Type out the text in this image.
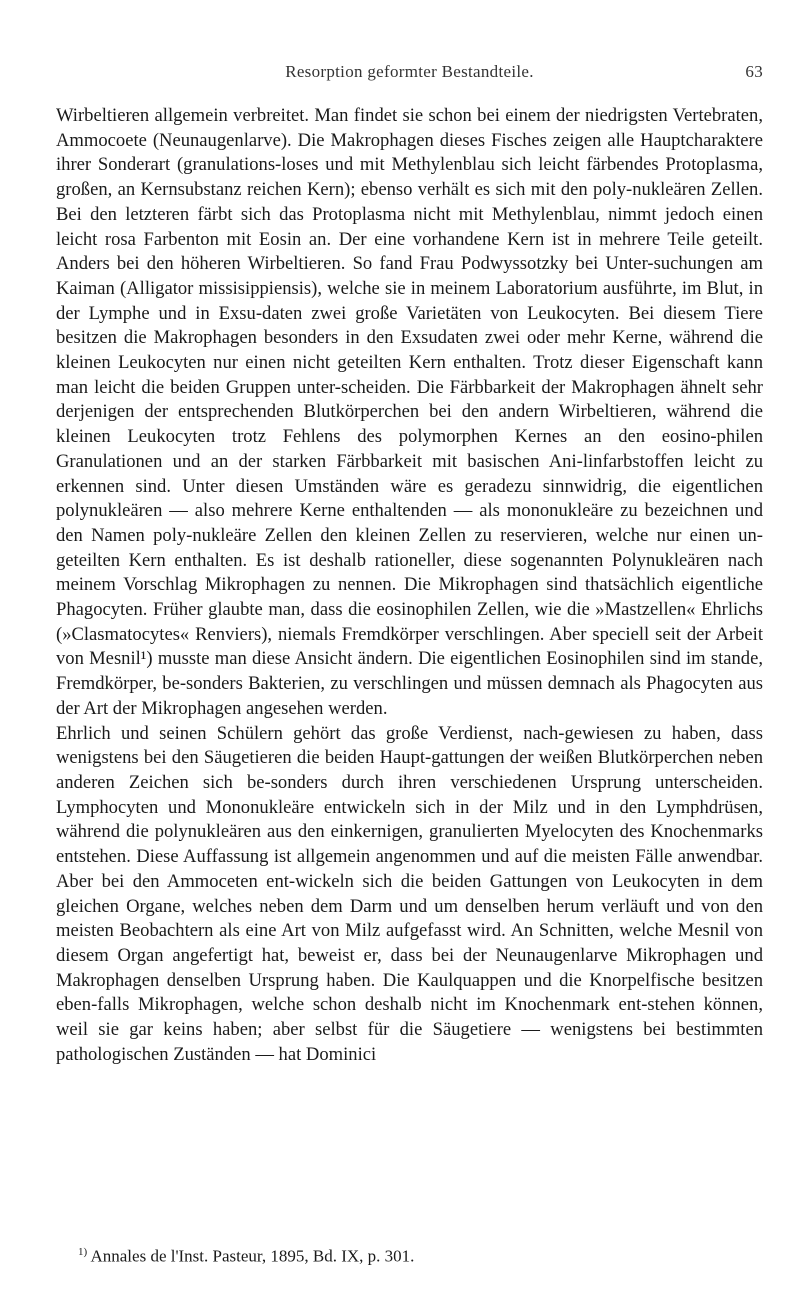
Resorption geformter Bestandteile.	63

Wirbeltieren allgemein verbreitet. Man findet sie schon bei einem der niedrigsten Vertebraten, Ammocoete (Neunaugenlarve). Die Makrophagen dieses Fisches zeigen alle Hauptcharaktere ihrer Sonderart (granulations-loses und mit Methylenblau sich leicht färbendes Protoplasma, großen, an Kernsubstanz reichen Kern); ebenso verhält es sich mit den poly-nukleären Zellen. Bei den letzteren färbt sich das Protoplasma nicht mit Methylenblau, nimmt jedoch einen leicht rosa Farbenton mit Eosin an. Der eine vorhandene Kern ist in mehrere Teile geteilt. Anders bei den höheren Wirbeltieren. So fand Frau Podwyssotzky bei Unter-suchungen am Kaiman (Alligator missisippiensis), welche sie in meinem Laboratorium ausführte, im Blut, in der Lymphe und in Exsu-daten zwei große Varietäten von Leukocyten. Bei diesem Tiere besitzen die Makrophagen besonders in den Exsudaten zwei oder mehr Kerne, während die kleinen Leukocyten nur einen nicht geteilten Kern enthalten. Trotz dieser Eigenschaft kann man leicht die beiden Gruppen unter-scheiden. Die Färbbarkeit der Makrophagen ähnelt sehr derjenigen der entsprechenden Blutkörperchen bei den andern Wirbeltieren, während die kleinen Leukocyten trotz Fehlens des polymorphen Kernes an den eosino-philen Granulationen und an der starken Färbbarkeit mit basischen Ani-linfarbstoffen leicht zu erkennen sind. Unter diesen Umständen wäre es geradezu sinnwidrig, die eigentlichen polynukleären — also mehrere Kerne enthaltenden — als mononukleäre zu bezeichnen und den Namen poly-nukleäre Zellen den kleinen Zellen zu reservieren, welche nur einen un-geteilten Kern enthalten. Es ist deshalb rationeller, diese sogenannten Polynukleären nach meinem Vorschlag Mikrophagen zu nennen. Die Mikrophagen sind thatsächlich eigentliche Phagocyten. Früher glaubte man, dass die eosinophilen Zellen, wie die »Mastzellen« Ehrlichs (»Clasmatocytes« Renviers), niemals Fremdkörper verschlingen. Aber speciell seit der Arbeit von Mesnil¹) musste man diese Ansicht ändern. Die eigentlichen Eosinophilen sind im stande, Fremdkörper, be-sonders Bakterien, zu verschlingen und müssen demnach als Phagocyten aus der Art der Mikrophagen angesehen werden.

Ehrlich und seinen Schülern gehört das große Verdienst, nach-gewiesen zu haben, dass wenigstens bei den Säugetieren die beiden Haupt-gattungen der weißen Blutkörperchen neben anderen Zeichen sich be-sonders durch ihren verschiedenen Ursprung unterscheiden. Lymphocyten und Mononukleäre entwickeln sich in der Milz und in den Lymphdrüsen, während die polynukleären aus den einkernigen, granulierten Myelocyten des Knochenmarks entstehen. Diese Auffassung ist allgemein angenommen und auf die meisten Fälle anwendbar. Aber bei den Ammoceten ent-wickeln sich die beiden Gattungen von Leukocyten in dem gleichen Organe, welches neben dem Darm und um denselben herum verläuft und von den meisten Beobachtern als eine Art von Milz aufgefasst wird. An Schnitten, welche Mesnil von diesem Organ angefertigt hat, beweist er, dass bei der Neunaugenlarve Mikrophagen und Makrophagen denselben Ursprung haben. Die Kaulquappen und die Knorpelfische besitzen eben-falls Mikrophagen, welche schon deshalb nicht im Knochenmark ent-stehen können, weil sie gar keins haben; aber selbst für die Säugetiere — wenigstens bei bestimmten pathologischen Zuständen — hat Dominici

$^{1)}$ Annales de l'Inst. Pasteur, 1895, Bd. IX, p. 301.
